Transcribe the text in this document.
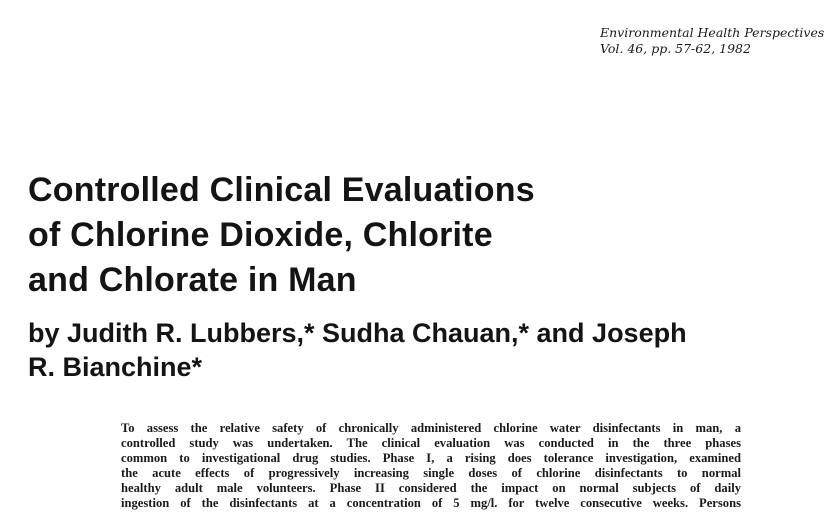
Environmental Health Perspectives
Vol. 46, pp. 57-62, 1982
Controlled Clinical Evaluations
of Chlorine Dioxide, Chlorite
and Chlorate in Man
by Judith R. Lubbers,* Sudha Chauan,* and Joseph
R. Bianchine*
To assess the relative safety of chronically administered chlorine water disinfectants in man, a
controlled study was undertaken. The clinical evaluation was conducted in the three phases
common to investigational drug studies. Phase I, a rising does tolerance investigation, examined
the acute effects of progressively increasing single doses of chlorine disinfectants to normal
healthy adult male volunteers. Phase II considered the impact on normal subjects of daily
ingestion of the disinfectants at a concentration of 5 mg/l. for twelve consecutive weeks. Persons
